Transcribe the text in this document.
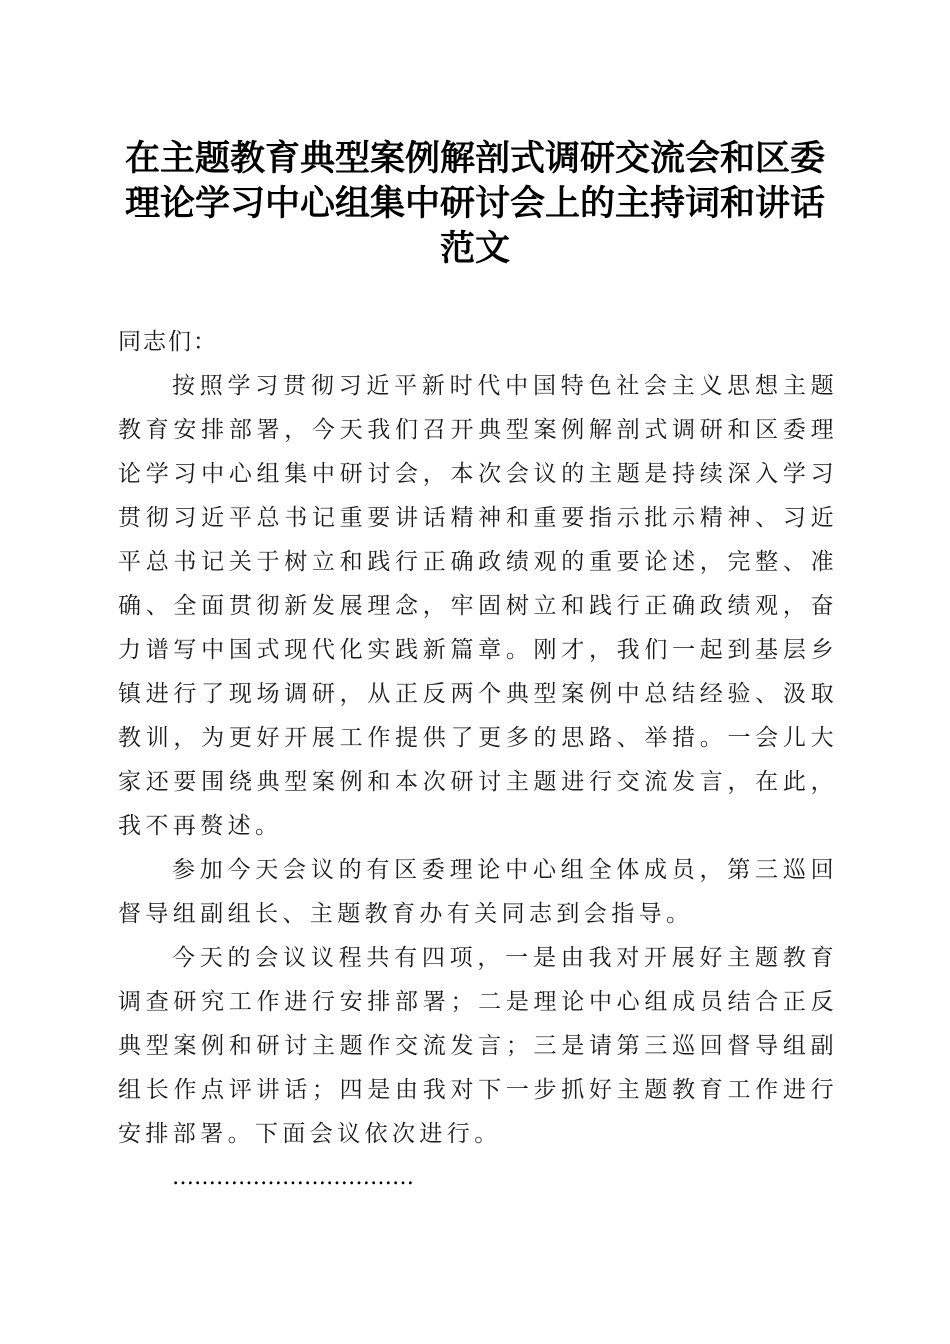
在主题教育典型案例解剖式调研交流会和区委
理论学习中心组集中研讨会上的主持词和讲话
范文

同志们：

按照学习贯彻习近平新时代中国特色社会主义思想主题教育安排部署，今天我们召开典型案例解剖式调研和区委理论学习中心组集中研讨会，本次会议的主题是持续深入学习贯彻习近平总书记重要讲话精神和重要指示批示精神、习近平总书记关于树立和践行正确政绩观的重要论述，完整、准确、全面贯彻新发展理念，牢固树立和践行正确政绩观，奋力谱写中国式现代化实践新篇章。刚才，我们一起到基层乡镇进行了现场调研，从正反两个典型案例中总结经验、汲取教训，为更好开展工作提供了更多的思路、举措。一会儿大家还要围绕典型案例和本次研讨主题进行交流发言，在此，我不再赘述。

参加今天会议的有区委理论中心组全体成员，第三巡回督导组副组长、主题教育办有关同志到会指导。

今天的会议议程共有四项，一是由我对开展好主题教育调查研究工作进行安排部署；二是理论中心组成员结合正反典型案例和研讨主题作交流发言；三是请第三巡回督导组副组长作点评讲话；四是由我对下一步抓好主题教育工作进行安排部署。下面会议依次进行。

……………………………
